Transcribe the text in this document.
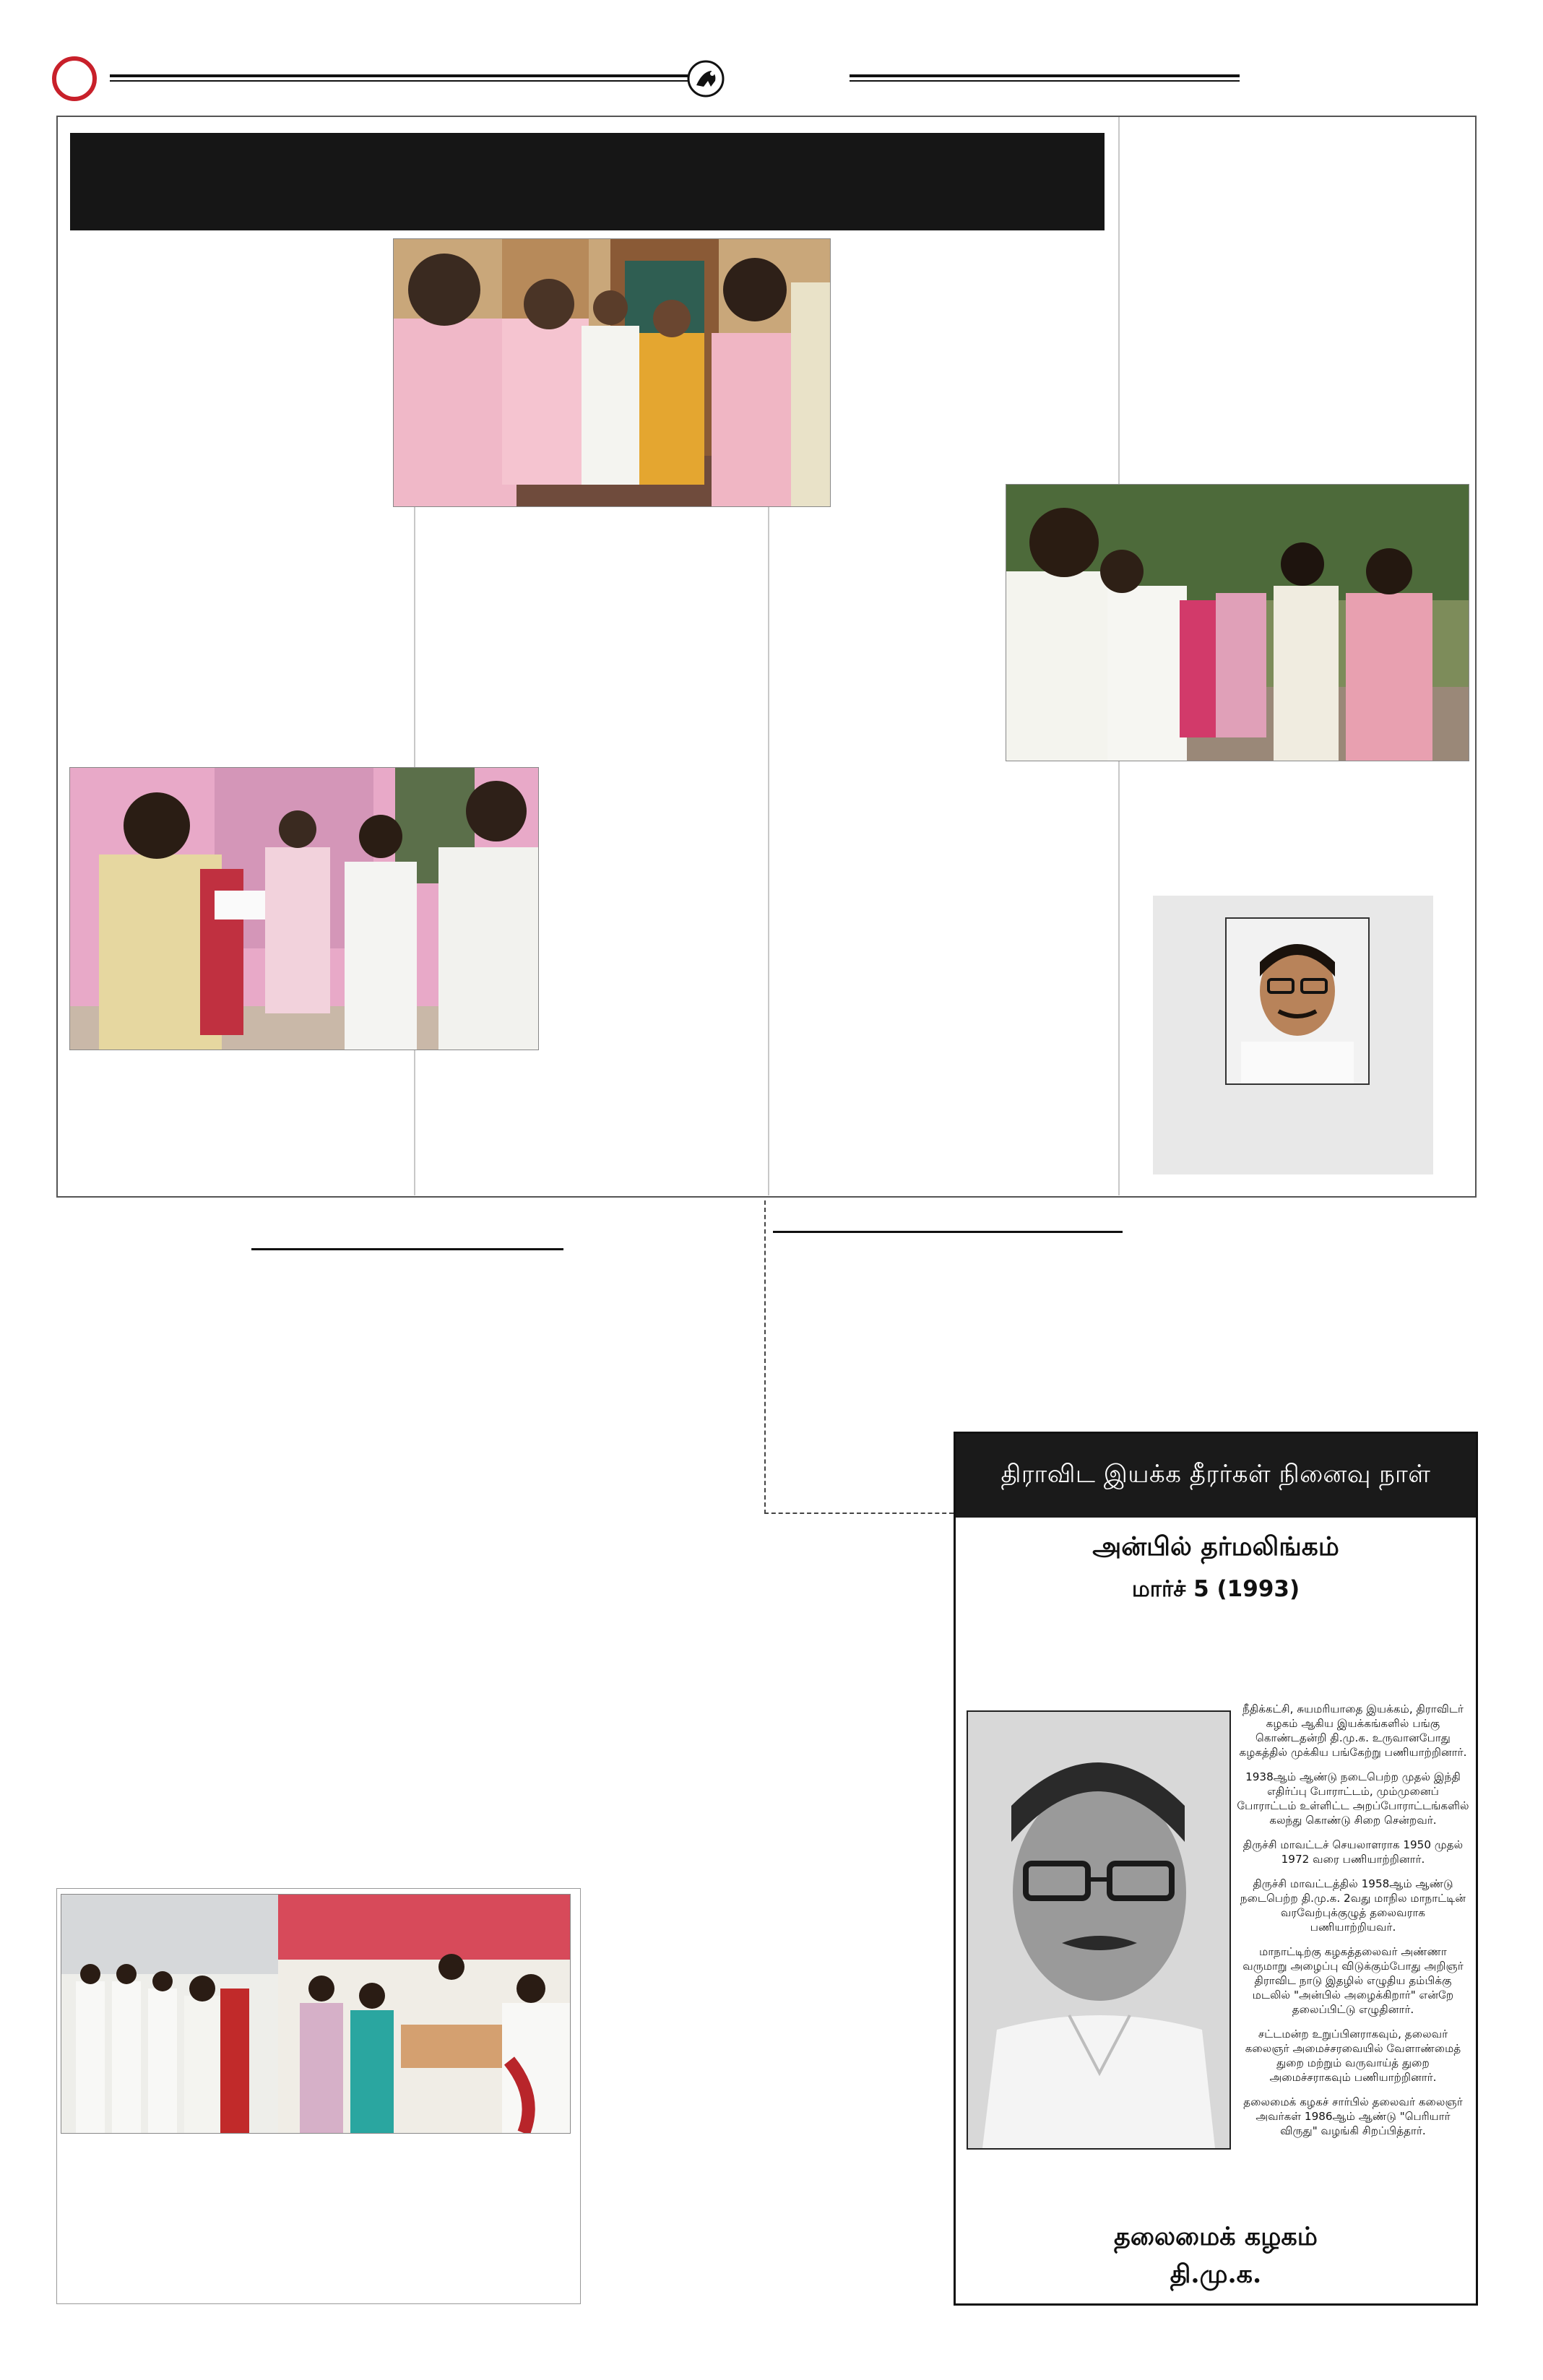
திராவிட இயக்க தீரர்கள் நினைவு நாள்
அன்பில் தர்மலிங்கம்
மார்ச் 5 (1993)

நீதிக்கட்சி, சுயமரியாதை இயக்கம், திராவிடர் கழகம் ஆகிய இயக்கங்களில் பங்கு கொண்டதன்றி தி.மு.க. உருவானபோது கழகத்தில் முக்கிய பங்கேற்று பணியாற்றினார்.

1938ஆம் ஆண்டு நடைபெற்ற முதல் இந்தி எதிர்ப்பு போராட்டம், மும்முனைப் போராட்டம் உள்ளிட்ட அறப்போராட்டங்களில் கலந்து கொண்டு சிறை சென்றவர்.

திருச்சி மாவட்டச் செயலாளராக 1950 முதல் 1972 வரை பணியாற்றினார்.

திருச்சி மாவட்டத்தில் 1958ஆம் ஆண்டு நடைபெற்ற தி.மு.க. 2வது மாநில மாநாட்டின் வரவேற்புக்குழுத் தலைவராக பணியாற்றியவர்.

மாநாட்டிற்கு கழகத்தலைவர் அண்ணா வருமாறு அழைப்பு விடுக்கும்போது அறிஞர் திராவிட நாடு இதழில் எழுதிய தம்பிக்கு மடலில் "அன்பில் அழைக்கிறார்" என்றே தலைப்பிட்டு எழுதினார்.

சட்டமன்ற உறுப்பினராகவும், தலைவர் கலைஞர் அமைச்சரவையில் வேளாண்மைத் துறை மற்றும் வருவாய்த் துறை அமைச்சராகவும் பணியாற்றினார்.

தலைமைக் கழகச் சார்பில் தலைவர் கலைஞர் அவர்கள் 1986ஆம் ஆண்டு "பெரியார் விருது" வழங்கி சிறப்பித்தார்.

தலைமைக் கழகம்
தி.மு.க.
